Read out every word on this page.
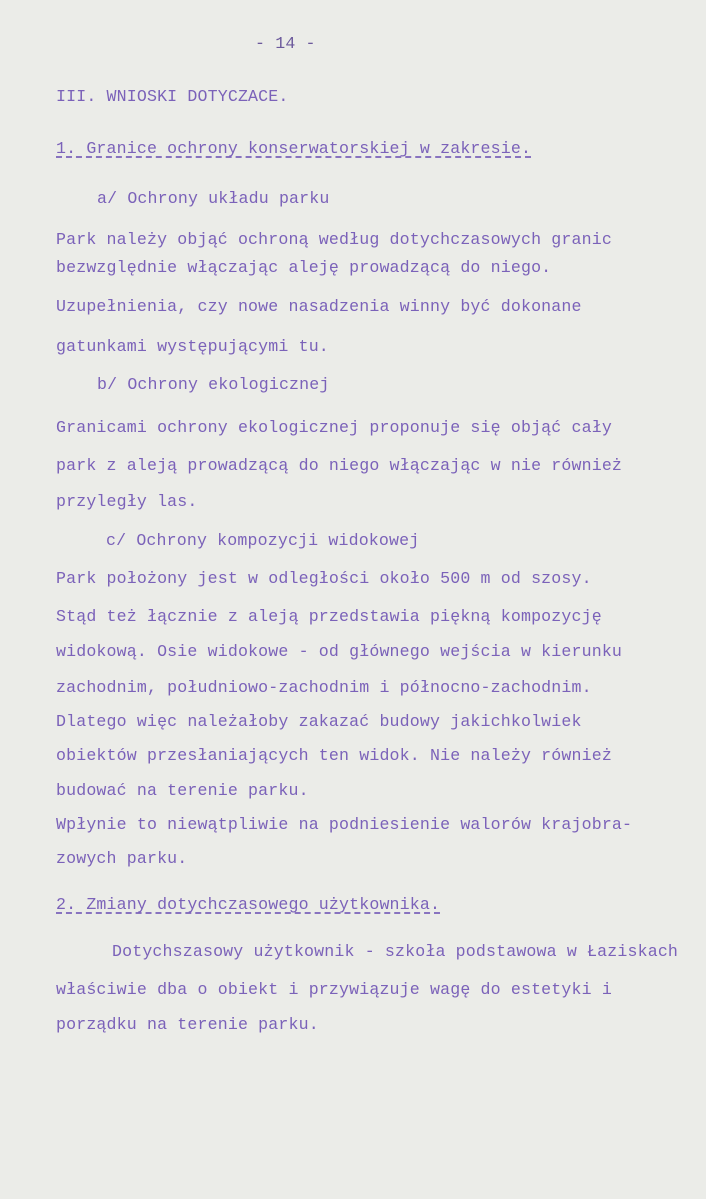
- 14 -
III. WNIOSKI DOTYCZACE.
1. Granice ochrony konserwatorskiej w zakresie.
a/ Ochrony układu parku
Park należy objąć ochroną według dotychczasowych granic
bezwzględnie włączając aleję prowadzącą do niego.
Uzupełnienia, czy nowe nasadzenia winny być dokonane
gatunkami występującymi tu.
b/ Ochrony ekologicznej
Granicami ochrony ekologicznej proponuje się objąć cały
park z aleją prowadzącą do niego włączając w nie również
przyległy las.
c/ Ochrony kompozycji widokowej
Park położony jest w odległości około 500 m od szosy.
Stąd też łącznie z aleją przedstawia piękną kompozycję
widokową. Osie widokowe - od głównego wejścia w kierunku
zachodnim, południowo-zachodnim i północno-zachodnim.
Dlatego więc należałoby zakazać budowy jakichkolwiek
obiektów przesłaniających ten widok. Nie należy również
budować na terenie parku.
Wpłynie to niewątpliwie na podniesienie walorów krajobra-
zowych parku.
2. Zmiany dotychczasowego użytkownika.
Dotychszasowy użytkownik - szkoła podstawowa w Łaziskach
właściwie dba o obiekt i przywiązuje wagę do estetyki i
porządku na terenie parku.
